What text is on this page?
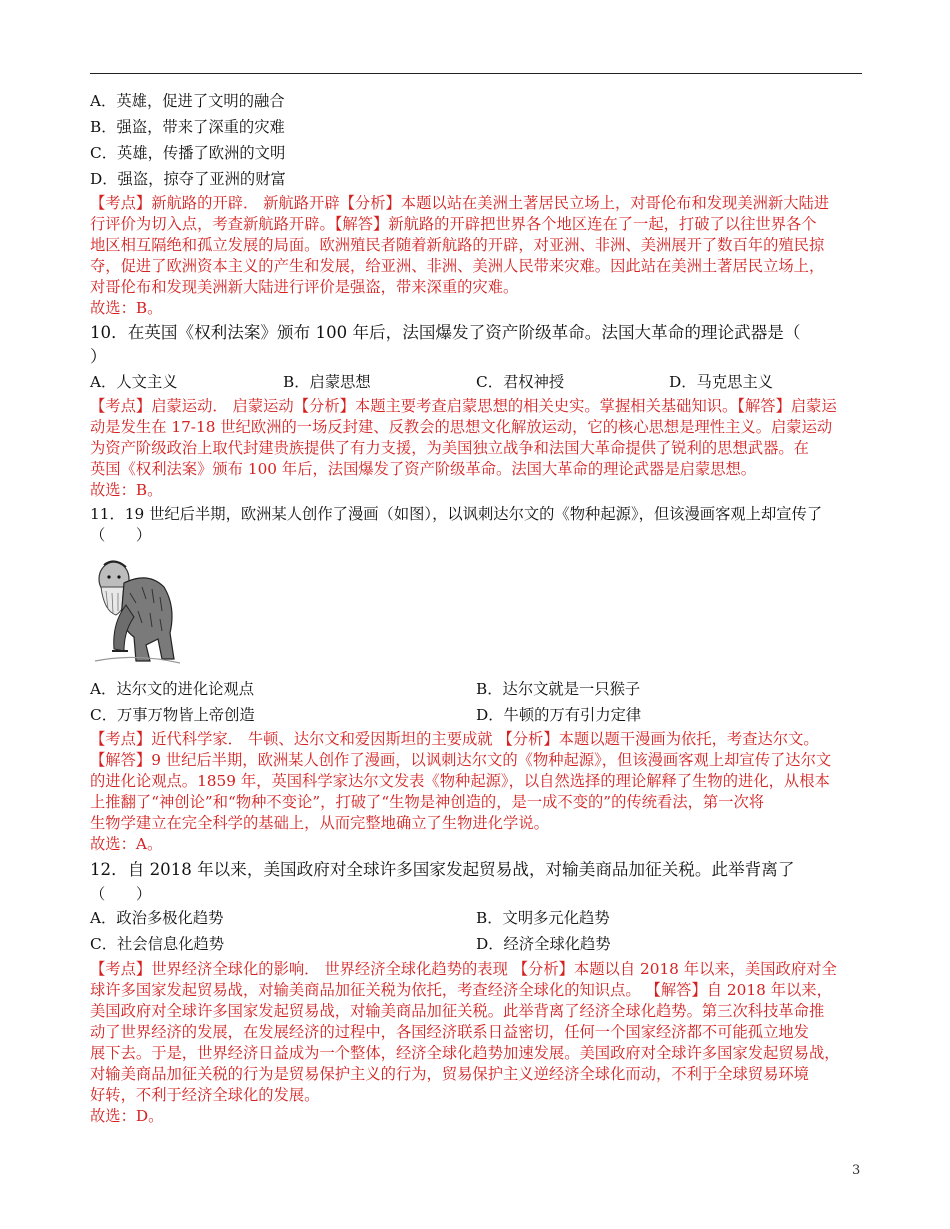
A．英雄，促进了文明的融合
B．强盗，带来了深重的灾难
C．英雄，传播了欧洲的文明
D．强盗，掠夺了亚洲的财富
【考点】新航路的开辟． 新航路开辟【分析】本题以站在美洲土著居民立场上，对哥伦布和发现美洲新大陆进
行评价为切入点，考查新航路开辟。【解答】新航路的开辟把世界各个地区连在了一起，打破了以往世界各个
地区相互隔绝和孤立发展的局面。欧洲殖民者随着新航路的开辟，对亚洲、非洲、美洲展开了数百年的殖民掠
夺，促进了欧洲资本主义的产生和发展，给亚洲、非洲、美洲人民带来灾难。因此站在美洲土著居民立场上，
对哥伦布和发现美洲新大陆进行评价是强盗，带来深重的灾难。
故选：B。
10．在英国《权利法案》颁布 100 年后，法国爆发了资产阶级革命。法国大革命的理论武器是（
）
A．人文主义	B．启蒙思想	C．君权神授	D．马克思主义
【考点】启蒙运动． 启蒙运动【分析】本题主要考查启蒙思想的相关史实。掌握相关基础知识。【解答】启蒙运
动是发生在 17-18 世纪欧洲的一场反封建、反教会的思想文化解放运动，它的核心思想是理性主义。启蒙运动
为资产阶级政治上取代封建贵族提供了有力支援，为美国独立战争和法国大革命提供了锐利的思想武器。在
英国《权利法案》颁布 100 年后，法国爆发了资产阶级革命。法国大革命的理论武器是启蒙思想。
故选：B。
11．19 世纪后半期，欧洲某人创作了漫画（如图），以讽刺达尔文的《物种起源》，但该漫画客观上却宣传了
（　　）
A．达尔文的进化论观点	B．达尔文就是一只猴子
C．万事万物皆上帝创造	D．牛顿的万有引力定律
【考点】近代科学家． 牛顿、达尔文和爱因斯坦的主要成就 【分析】本题以题干漫画为依托，考查达尔文。
【解答】9 世纪后半期，欧洲某人创作了漫画，以讽刺达尔文的《物种起源》，但该漫画客观上却宣传了达尔文
的进化论观点。1859 年，英国科学家达尔文发表《物种起源》，以自然选择的理论解释了生物的进化，从根本
上推翻了“神创论”和“物种不变论”，打破了“生物是神创造的，是一成不变的”的传统看法，第一次将
生物学建立在完全科学的基础上，从而完整地确立了生物进化学说。
故选：A。
12．自 2018 年以来，美国政府对全球许多国家发起贸易战，对输美商品加征关税。此举背离了
（　　）
A．政治多极化趋势	B．文明多元化趋势
C．社会信息化趋势	D．经济全球化趋势
【考点】世界经济全球化的影响． 世界经济全球化趋势的表现 【分析】本题以自 2018 年以来，美国政府对全
球许多国家发起贸易战，对输美商品加征关税为依托，考查经济全球化的知识点。 【解答】自 2018 年以来，
美国政府对全球许多国家发起贸易战，对输美商品加征关税。此举背离了经济全球化趋势。第三次科技革命推
动了世界经济的发展，在发展经济的过程中，各国经济联系日益密切，任何一个国家经济都不可能孤立地发
展下去。于是，世界经济日益成为一个整体，经济全球化趋势加速发展。美国政府对全球许多国家发起贸易战，
对输美商品加征关税的行为是贸易保护主义的行为，贸易保护主义逆经济全球化而动，不利于全球贸易环境
好转，不利于经济全球化的发展。
故选：D。
3
